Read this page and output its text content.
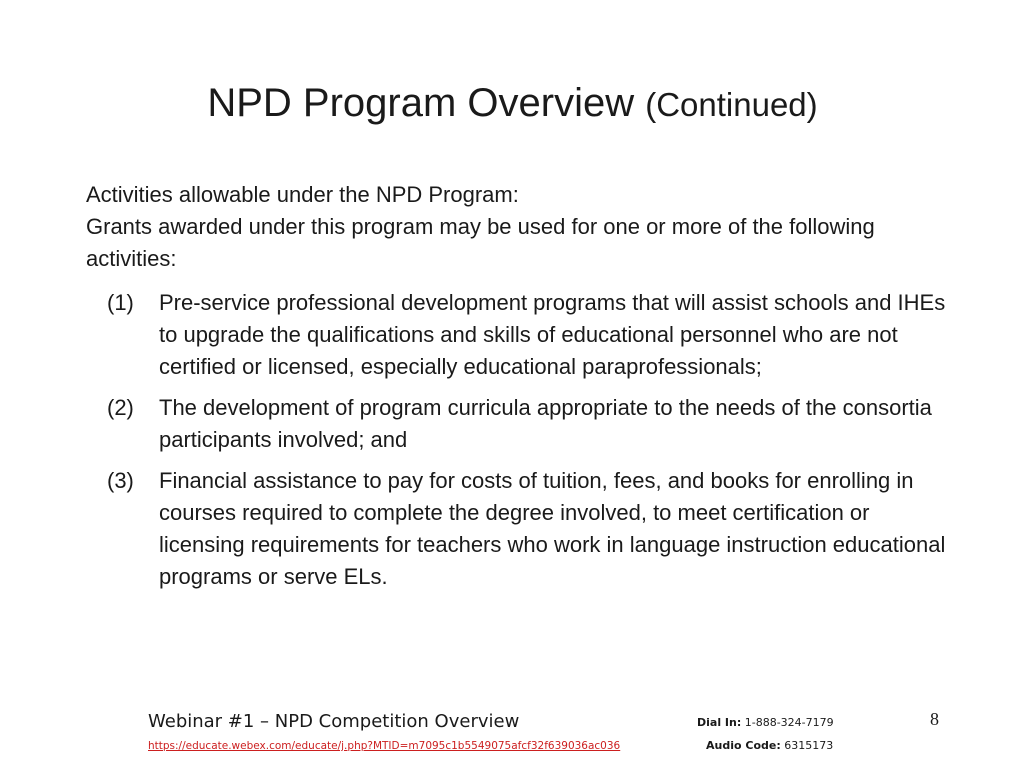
NPD Program Overview (Continued)

Activities allowable under the NPD Program:

Grants awarded under this program may be used for one or more of the following activities:

(1) Pre-service professional development programs that will assist schools and IHEs to upgrade the qualifications and skills of educational personnel who are not certified or licensed, especially educational paraprofessionals;
(2) The development of program curricula appropriate to the needs of the consortia participants involved; and
(3) Financial assistance to pay for costs of tuition, fees, and books for enrolling in courses required to complete the degree involved, to meet certification or licensing requirements for teachers who work in language instruction educational programs or serve ELs.
Webinar #1 – NPD Competition Overview
https://educate.webex.com/educate/j.php?MTID=m7095c1b5549075afcf32f639036ac036
Dial In: 1-888-324-7179
Audio Code: 6315173
8
